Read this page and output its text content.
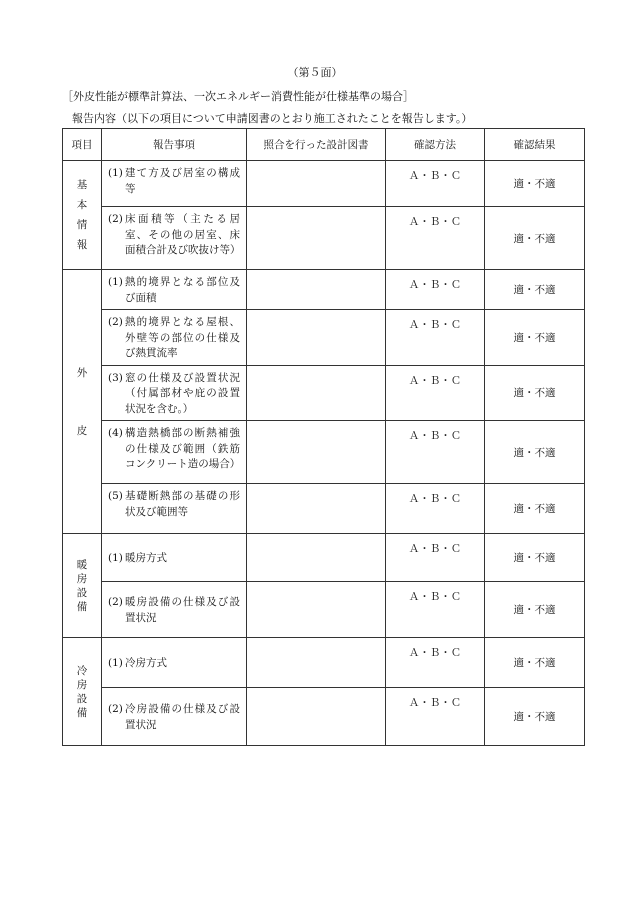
（第５面）
［外皮性能が標準計算法、一次エネルギー消費性能が仕様基準の場合］
報告内容（以下の項目について申請図書のとおり施工されたことを報告します。）
項目	報告事項	照合を行った設計図書	確認方法	確認結果

基
本
情
報	(1) 建て方及び居室の構成等		Ａ・Ｂ・Ｃ	適・不適

	(2) 床面積等（主たる居室、その他の居室、床面積合計及び吹抜け等）		Ａ・Ｂ・Ｃ	適・不適

外
皮	(1) 熱的境界となる部位及び面積		Ａ・Ｂ・Ｃ	適・不適

	(2) 熱的境界となる屋根、外壁等の部位の仕様及び熱貫流率		Ａ・Ｂ・Ｃ	適・不適

	(3) 窓の仕様及び設置状況（付属部材や庇の設置状況を含む。）		Ａ・Ｂ・Ｃ	適・不適

	(4) 構造熱橋部の断熱補強の仕様及び範囲（鉄筋コンクリート造の場合）		Ａ・Ｂ・Ｃ	適・不適

	(5) 基礎断熱部の基礎の形状及び範囲等		Ａ・Ｂ・Ｃ	適・不適

暖
房
設
備	(1) 暖房方式		Ａ・Ｂ・Ｃ	適・不適

	(2) 暖房設備の仕様及び設置状況		Ａ・Ｂ・Ｃ	適・不適

冷
房
設
備	(1) 冷房方式		Ａ・Ｂ・Ｃ	適・不適

	(2) 冷房設備の仕様及び設置状況		Ａ・Ｂ・Ｃ	適・不適
